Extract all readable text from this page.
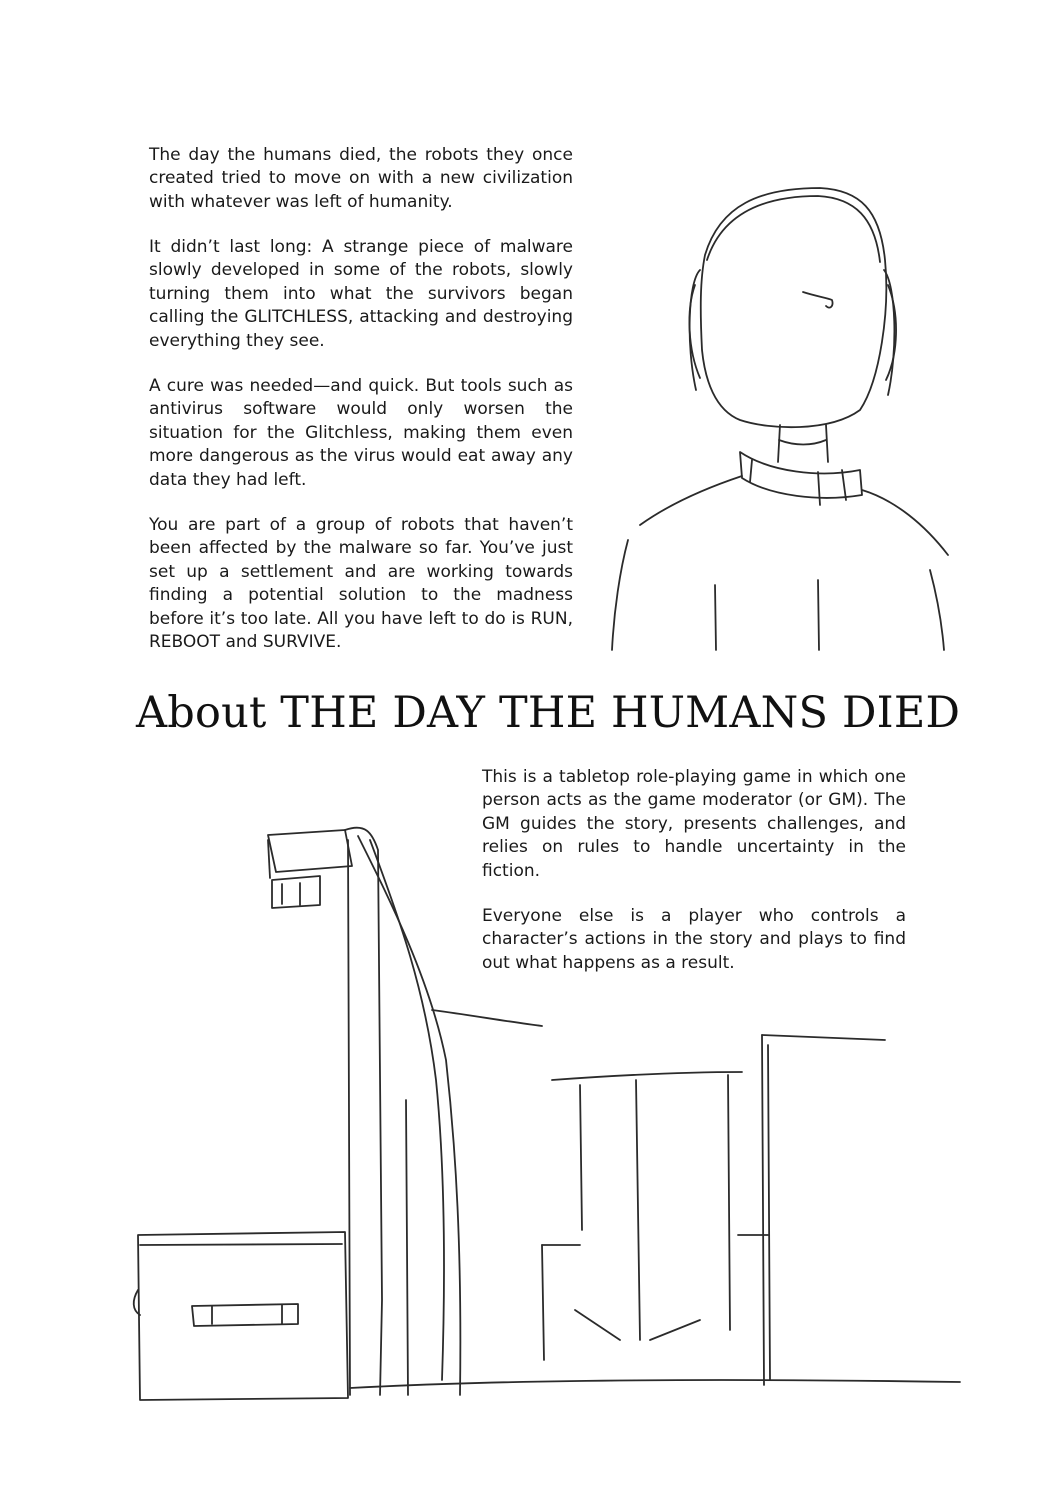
The day the humans died, the robots they once created tried to move on with a new civilization with whatever was left of humanity.

It didn’t last long: A strange piece of malware slowly developed in some of the robots, slowly turning them into what the survivors began calling the GLITCHLESS, attacking and destroying everything they see.

A cure was needed—and quick. But tools such as antivirus software would only worsen the situation for the Glitchless, making them even more dangerous as the virus would eat away any data they had left.

You are part of a group of robots that haven’t been affected by the malware so far. You’ve just set up a settlement and are working towards finding a potential solution to the madness before it’s too late. All you have left to do is RUN, REBOOT and SURVIVE.

About THE DAY THE HUMANS DIED

This is a tabletop role-playing game in which one person acts as the game moderator (or GM). The GM guides the story, presents challenges, and relies on rules to handle uncertainty in the fiction.

Everyone else is a player who controls a character’s actions in the story and plays to find out what happens as a result.
